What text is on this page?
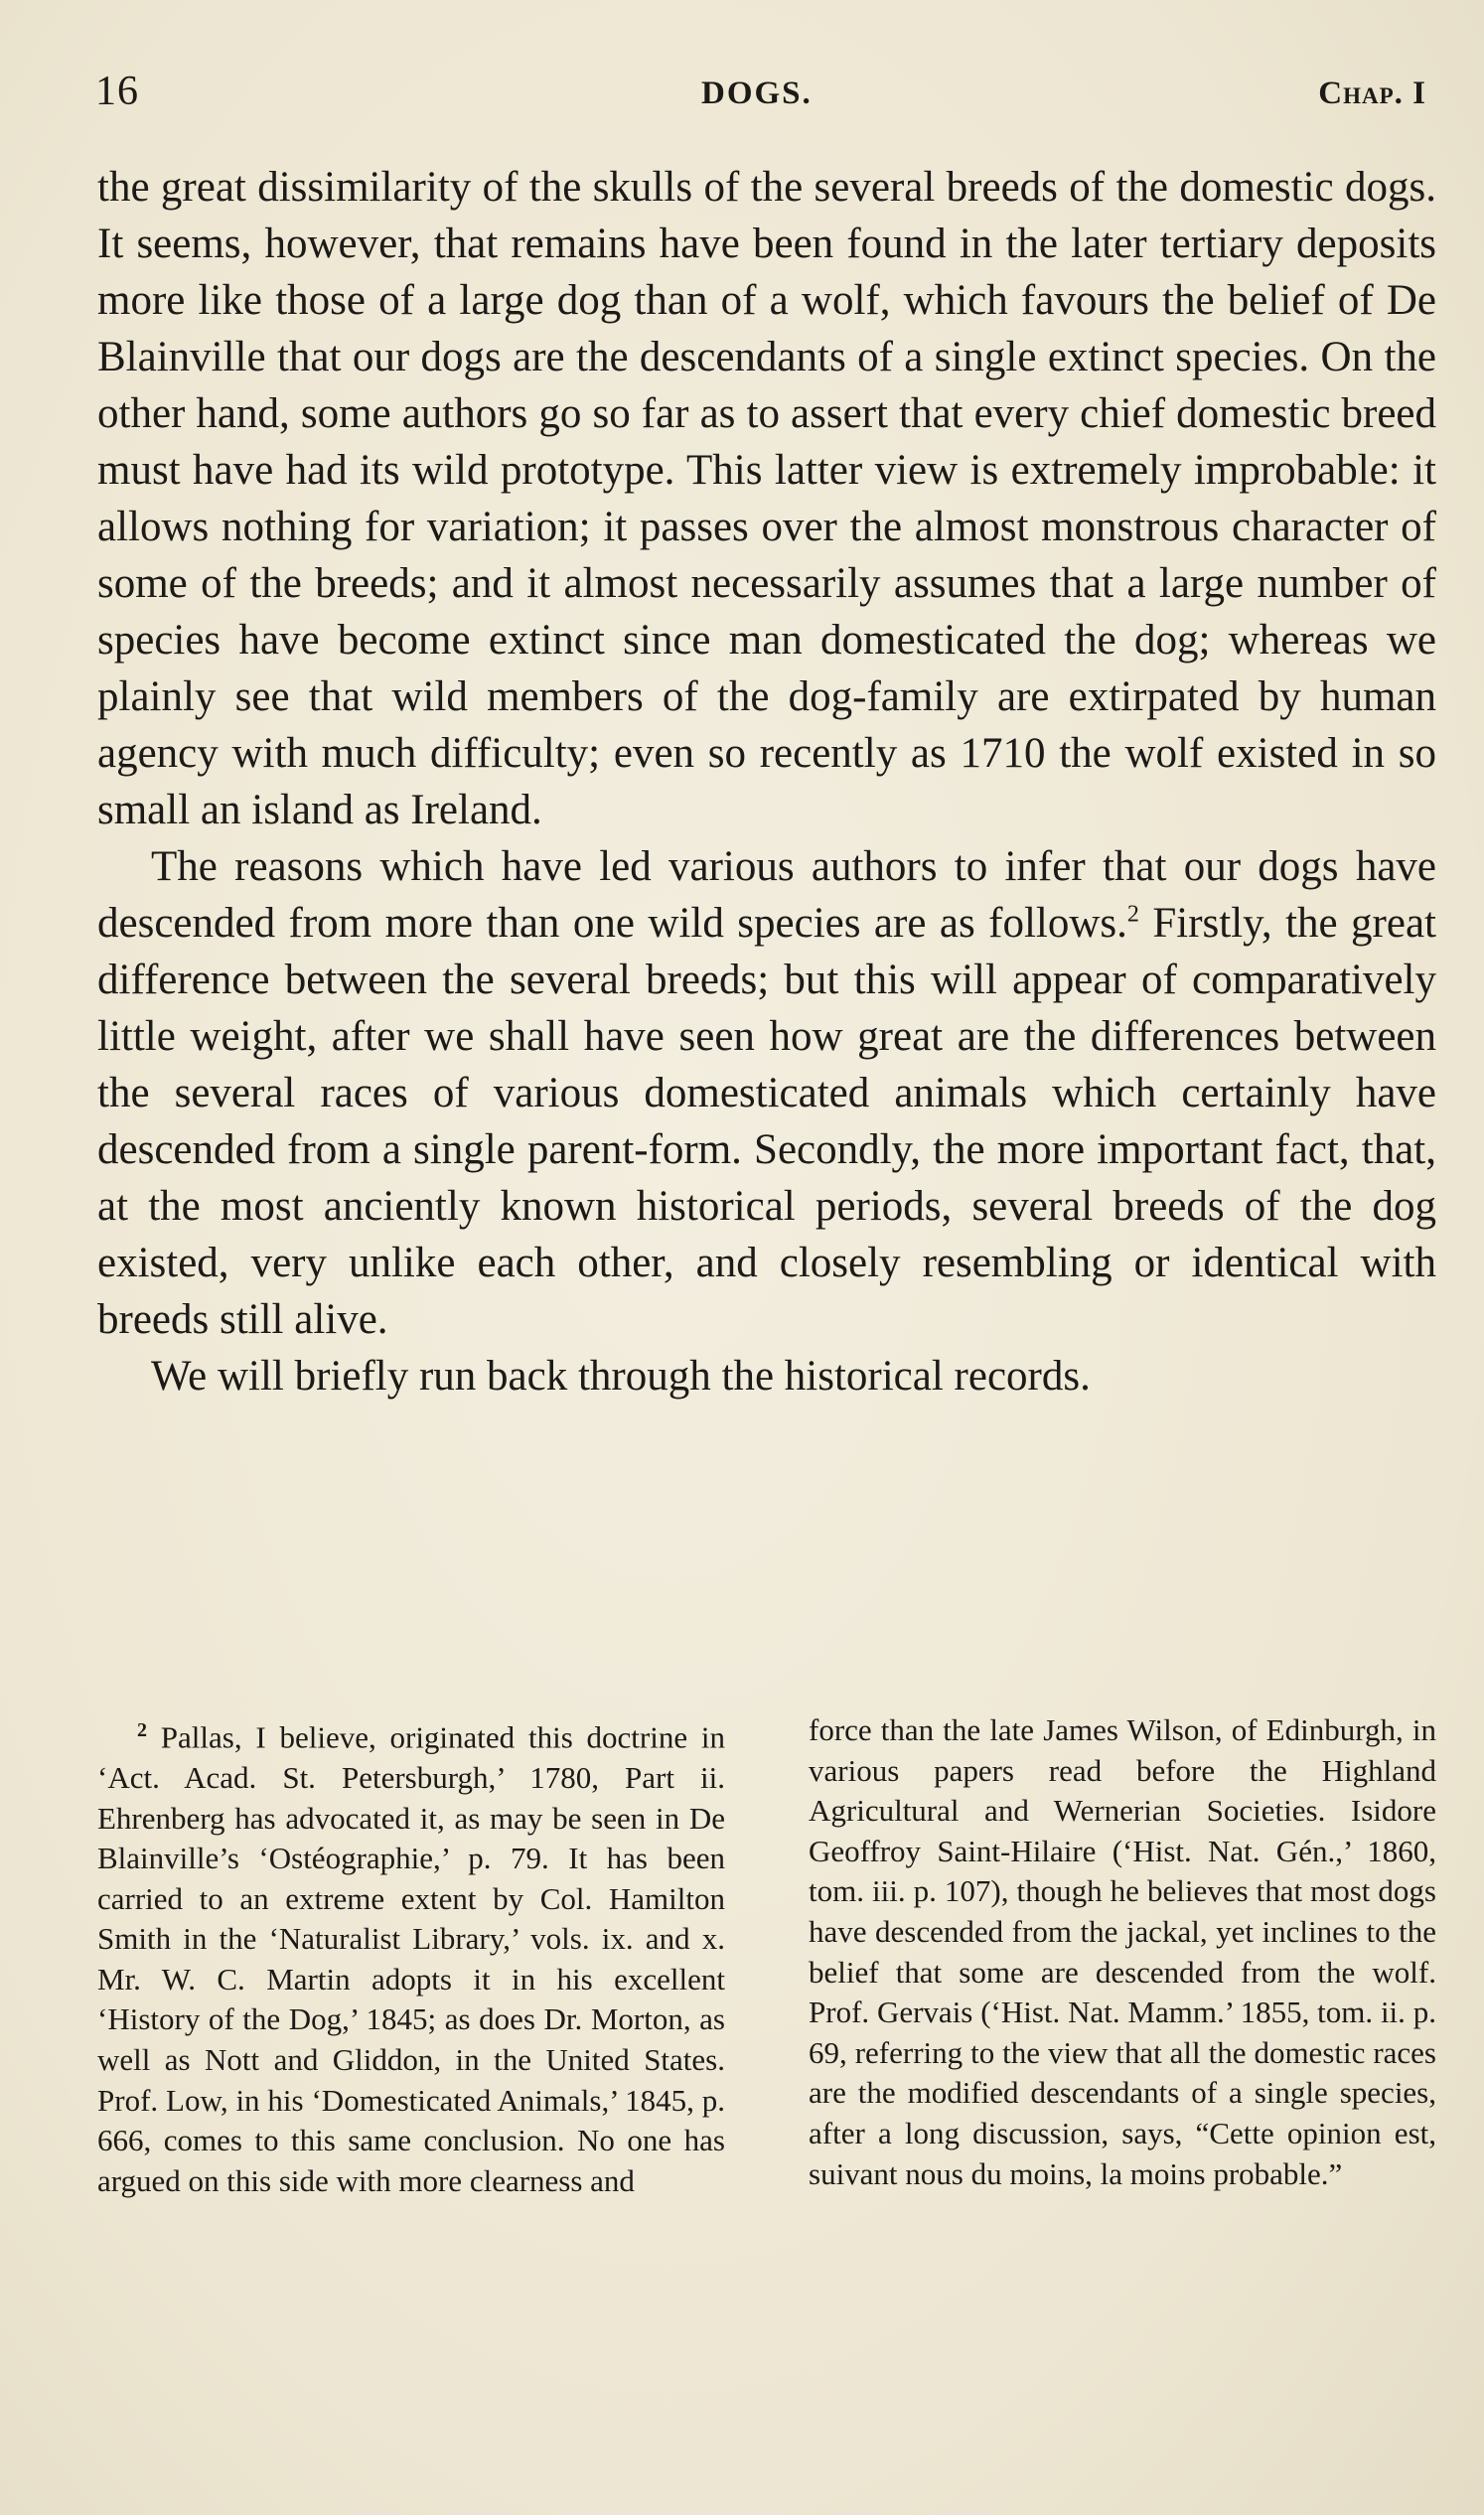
16	DOGS.	Chap. I

the great dissimilarity of the skulls of the several breeds of the domestic dogs. It seems, however, that remains have been found in the later tertiary deposits more like those of a large dog than of a wolf, which favours the belief of De Blainville that our dogs are the descendants of a single extinct species. On the other hand, some authors go so far as to assert that every chief domestic breed must have had its wild prototype. This latter view is extremely improbable: it allows nothing for variation; it passes over the almost monstrous character of some of the breeds; and it almost necessarily assumes that a large number of species have become extinct since man domesticated the dog; whereas we plainly see that wild members of the dog-family are extirpated by human agency with much difficulty; even so recently as 1710 the wolf existed in so small an island as Ireland.

The reasons which have led various authors to infer that our dogs have descended from more than one wild species are as follows.$^2$ Firstly, the great difference between the several breeds; but this will appear of comparatively little weight, after we shall have seen how great are the differences between the several races of various domesticated animals which certainly have descended from a single parent-form. Secondly, the more important fact, that, at the most anciently known historical periods, several breeds of the dog existed, very unlike each other, and closely resembling or identical with breeds still alive.

We will briefly run back through the historical records.

$^2$ Pallas, I believe, originated this doctrine in ‘Act. Acad. St. Petersburgh,’ 1780, Part ii. Ehrenberg has advocated it, as may be seen in De Blainville’s ‘Ostéographie,’ p. 79. It has been carried to an extreme extent by Col. Hamilton Smith in the ‘Naturalist Library,’ vols. ix. and x. Mr. W. C. Martin adopts it in his excellent ‘History of the Dog,’ 1845; as does Dr. Morton, as well as Nott and Gliddon, in the United States. Prof. Low, in his ‘Domesticated Animals,’ 1845, p. 666, comes to this same conclusion. No one has argued on this side with more clearness and
force than the late James Wilson, of Edinburgh, in various papers read before the Highland Agricultural and Wernerian Societies. Isidore Geoffroy Saint-Hilaire (‘Hist. Nat. Gén.,’ 1860, tom. iii. p. 107), though he believes that most dogs have descended from the jackal, yet inclines to the belief that some are descended from the wolf. Prof. Gervais (‘Hist. Nat. Mamm.’ 1855, tom. ii. p. 69, referring to the view that all the domestic races are the modified descendants of a single species, after a long discussion, says, “Cette opinion est, suivant nous du moins, la moins probable.”
